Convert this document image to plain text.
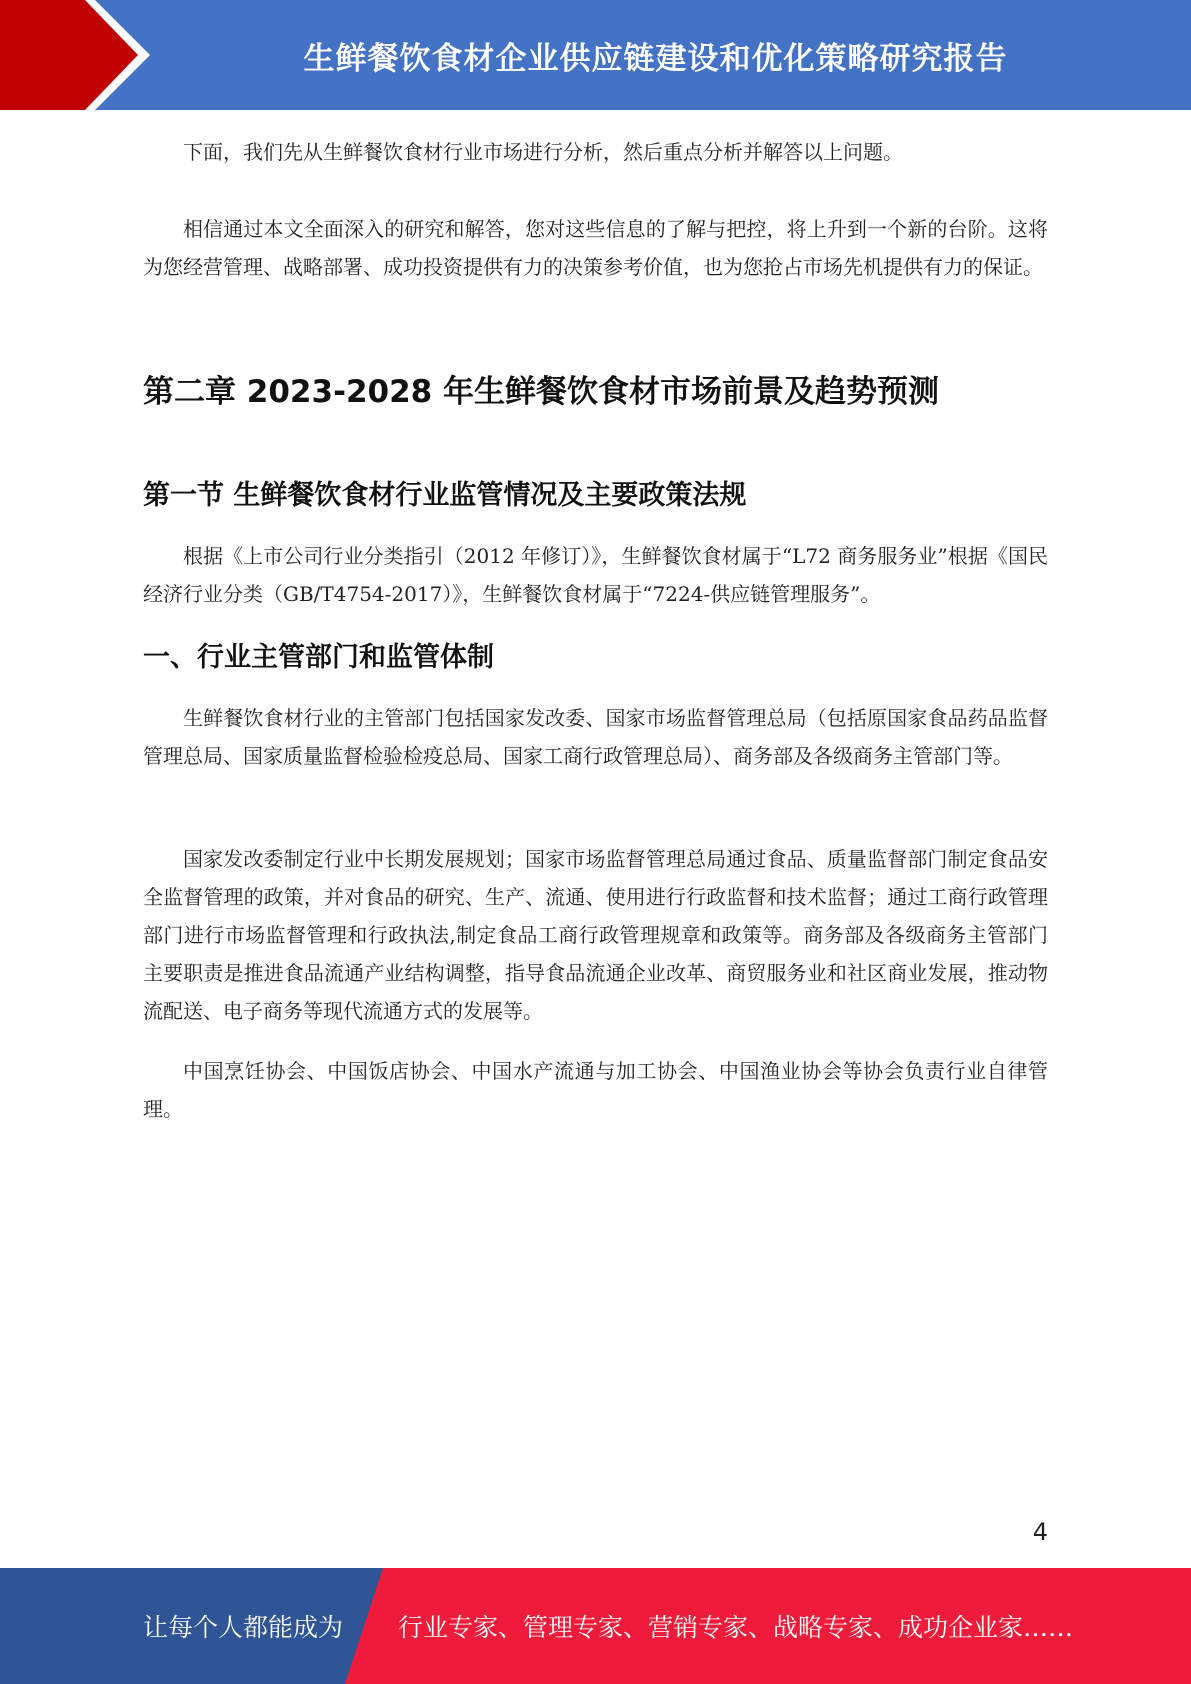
生鲜餐饮食材企业供应链建设和优化策略研究报告

下面，我们先从生鲜餐饮食材行业市场进行分析，然后重点分析并解答以上问题。

相信通过本文全面深入的研究和解答，您对这些信息的了解与把控，将上升到一个新的台阶。这将为您经营管理、战略部署、成功投资提供有力的决策参考价值，也为您抢占市场先机提供有力的保证。

第二章 2023-2028 年生鲜餐饮食材市场前景及趋势预测
第一节 生鲜餐饮食材行业监管情况及主要政策法规

根据《上市公司行业分类指引（2012 年修订）》，生鲜餐饮食材属于“L72 商务服务业”根据《国民经济行业分类（GB/T4754-2017）》，生鲜餐饮食材属于“7224-供应链管理服务”。

一、行业主管部门和监管体制

生鲜餐饮食材行业的主管部门包括国家发改委、国家市场监督管理总局（包括原国家食品药品监督管理总局、国家质量监督检验检疫总局、国家工商行政管理总局）、商务部及各级商务主管部门等。

国家发改委制定行业中长期发展规划；国家市场监督管理总局通过食品、质量监督部门制定食品安全监督管理的政策，并对食品的研究、生产、流通、使用进行行政监督和技术监督；通过工商行政管理部门进行市场监督管理和行政执法,制定食品工商行政管理规章和政策等。商务部及各级商务主管部门主要职责是推进食品流通产业结构调整，指导食品流通企业改革、商贸服务业和社区商业发展，推动物流配送、电子商务等现代流通方式的发展等。

中国烹饪协会、中国饭店协会、中国水产流通与加工协会、中国渔业协会等协会负责行业自律管理。

4
让每个人都能成为 行业专家、管理专家、营销专家、战略专家、成功企业家……
